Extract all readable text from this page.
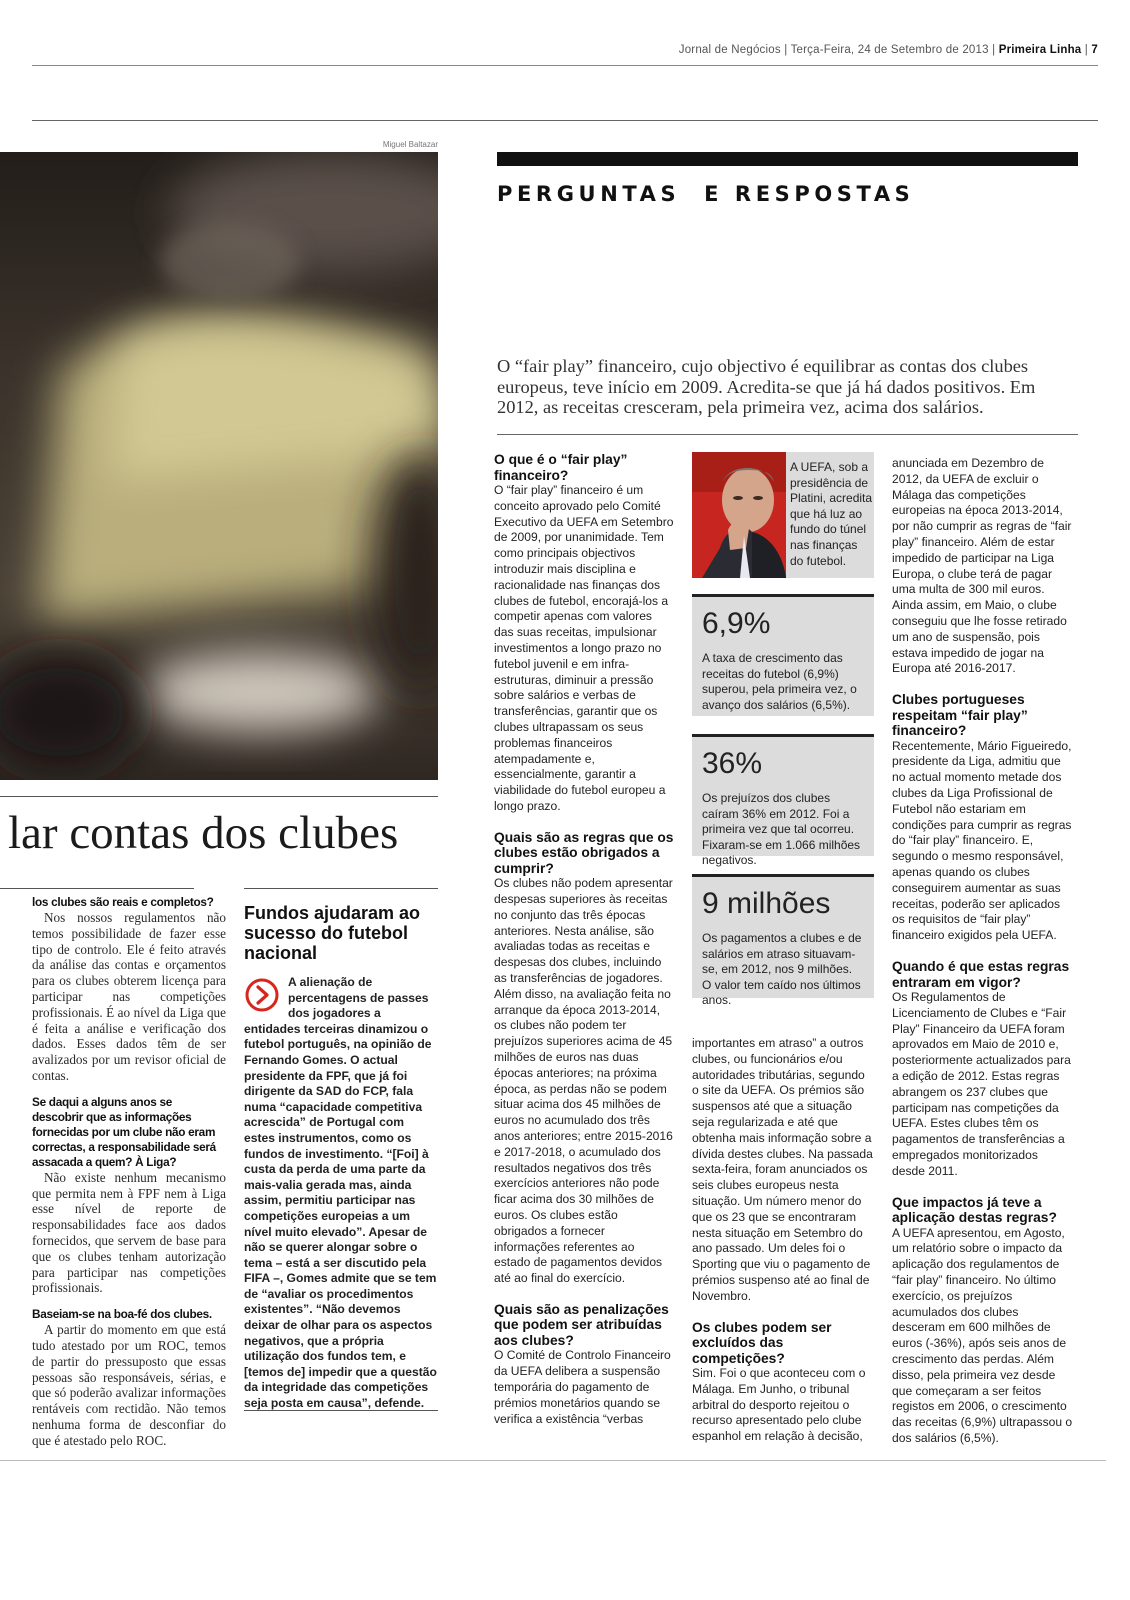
Jornal de Negócios | Terça-Feira, 24 de Setembro de 2013 | Primeira Linha | 7
Miguel Baltazar
PERGUNTAS  E RESPOSTAS
O “fair play” financeiro, cujo objectivo é equilibrar as contas dos clubes europeus, teve início em 2009. Acredita-se que já há dados positivos. Em 2012, as receitas cresceram, pela primeira vez, acima dos salários.
lar contas dos clubes
los clubes são reais e completos?
Nos nossos regulamentos não temos possibilidade de fazer esse tipo de controlo. Ele é feito através da análise das contas e orçamentos para os clubes obterem licença para participar nas competições profissionais. É ao nível da Liga que é feita a análise e verificação dos dados. Esses dados têm de ser avalizados por um revisor oficial de contas.
Se daqui a alguns anos se descobrir que as informações fornecidas por um clube não eram correctas, a responsabilidade será assacada a quem? À Liga?
Não existe nenhum mecanismo que permita nem à FPF nem à Liga esse nível de reporte de responsabilidades face aos dados fornecidos, que servem de base para que os clubes tenham autorização para participar nas competições profissionais.
Baseiam-se na boa-fé dos clubes.
A partir do momento em que está tudo atestado por um ROC, temos de partir do pressuposto que essas pessoas são responsáveis, sérias, e que só poderão avalizar informações rentáveis com rectidão. Não temos nenhuma forma de desconfiar do que é atestado pelo ROC.
Fundos ajudaram ao sucesso do futebol nacional
A alienação de percentagens de passes dos jogadores a entidades terceiras dinamizou o futebol português, na opinião de Fernando Gomes. O actual presidente da FPF, que já foi dirigente da SAD do FCP, fala numa “capacidade competitiva acrescida” de Portugal com estes instrumentos, como os fundos de investimento. “[Foi] à custa da perda de uma parte da mais-valia gerada mas, ainda assim, permitiu participar nas competições europeias a um nível muito elevado”. Apesar de não se querer alongar sobre o tema – está a ser discutido pela FIFA –, Gomes admite que se tem de “avaliar os procedimentos existentes”. “Não devemos deixar de olhar para os aspectos negativos, que a própria utilização dos fundos tem, e [temos de] impedir que a questão da integridade das competições seja posta em causa”, defende.
O que é o “fair play” financeiro?
O “fair play” financeiro é um conceito aprovado pelo Comité Executivo da UEFA em Setembro de 2009, por unanimidade. Tem como principais objectivos introduzir mais disciplina e racionalidade nas finanças dos clubes de futebol, encorajá-los a competir apenas com valores das suas receitas, impulsionar investimentos a longo prazo no futebol juvenil e em infra-estruturas, diminuir a pressão sobre salários e verbas de transferências, garantir que os clubes ultrapassam os seus problemas financeiros atempadamente e, essencialmente, garantir a viabilidade do futebol europeu a longo prazo.
Quais são as regras que os clubes estão obrigados a cumprir?
Os clubes não podem apresentar despesas superiores às receitas no conjunto das três épocas anteriores. Nesta análise, são avaliadas todas as receitas e despesas dos clubes, incluindo as transferências de jogadores. Além disso, na avaliação feita no arranque da época 2013-2014, os clubes não podem ter prejuízos superiores acima de 45 milhões de euros nas duas épocas anteriores; na próxima época, as perdas não se podem situar acima dos 45 milhões de euros no acumulado dos três anos anteriores; entre 2015-2016 e 2017-2018, o acumulado dos resultados negativos dos três exercícios anteriores não pode ficar acima dos 30 milhões de euros. Os clubes estão obrigados a fornecer informações referentes ao estado de pagamentos devidos até ao final do exercício.
Quais são as penalizações que podem ser atribuídas aos clubes?
O Comité de Controlo Financeiro da UEFA delibera a suspensão temporária do pagamento de prémios monetários quando se verifica a existência “verbas
A UEFA, sob a presidência de Platini, acredita que há luz ao fundo do túnel nas finanças do futebol.
6,9%
A taxa de crescimento das receitas do futebol (6,9%) superou, pela primeira vez, o avanço dos salários (6,5%).
36%
Os prejuízos dos clubes caíram 36% em 2012. Foi a primeira vez que tal ocorreu. Fixaram-se em 1.066 milhões negativos.
9 milhões
Os pagamentos a clubes e de salários em atraso situavam-se, em 2012, nos 9 milhões. O valor tem caído nos últimos anos.
importantes em atraso” a outros clubes, ou funcionários e/ou autoridades tributárias, segundo o site da UEFA. Os prémios são suspensos até que a situação seja regularizada e até que obtenha mais informação sobre a dívida destes clubes. Na passada sexta-feira, foram anunciados os seis clubes europeus nesta situação. Um número menor do que os 23 que se encontraram nesta situação em Setembro do ano passado. Um deles foi o Sporting que viu o pagamento de prémios suspenso até ao final de Novembro.
Os clubes podem ser excluídos das competições?
Sim. Foi o que aconteceu com o Málaga. Em Junho, o tribunal arbitral do desporto rejeitou o recurso apresentado pelo clube espanhol em relação à decisão,
anunciada em Dezembro de 2012, da UEFA de excluir o Málaga das competições europeias na época 2013-2014, por não cumprir as regras de “fair play” financeiro. Além de estar impedido de participar na Liga Europa, o clube terá de pagar uma multa de 300 mil euros. Ainda assim, em Maio, o clube conseguiu que lhe fosse retirado um ano de suspensão, pois estava impedido de jogar na Europa até 2016-2017.
Clubes portugueses respeitam “fair play” financeiro?
Recentemente, Mário Figueiredo, presidente da Liga, admitiu que no actual momento metade dos clubes da Liga Profissional de Futebol não estariam em condições para cumprir as regras do “fair play” financeiro. E, segundo o mesmo responsável, apenas quando os clubes conseguirem aumentar as suas receitas, poderão ser aplicados os requisitos de “fair play” financeiro exigidos pela UEFA.
Quando é que estas regras entraram em vigor?
Os Regulamentos de Licenciamento de Clubes e “Fair Play” Financeiro da UEFA foram aprovados em Maio de 2010 e, posteriormente actualizados para a edição de 2012. Estas regras abrangem os 237 clubes que participam nas competições da UEFA. Estes clubes têm os pagamentos de transferências a empregados monitorizados desde 2011.
Que impactos já teve a aplicação destas regras?
A UEFA apresentou, em Agosto, um relatório sobre o impacto da aplicação dos regulamentos de “fair play” financeiro. No último exercício, os prejuízos acumulados dos clubes desceram em 600 milhões de euros (-36%), após seis anos de crescimento das perdas. Além disso, pela primeira vez desde que começaram a ser feitos registos em 2006, o crescimento das receitas (6,9%) ultrapassou o dos salários (6,5%).
